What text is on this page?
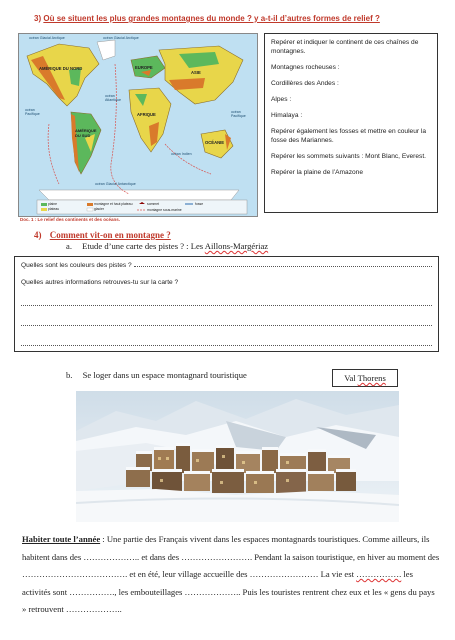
3) Où se situent les plus grandes montagnes du monde ? y a-t-il d’autres formes de relief ?
océan Glacial Arctique	océan Glacial Arctique
AMÉRIQUE DU NORD	EUROPE
ASIE
AFRIQUE
AMÉRIQUE DU SUD
OCÉANIE
océan Glacial Antarctique
océan Atlantique
océan Pacifique	océan Pacifique
océan Indien
plaine	montagne et haut plateau	sommet
montagne sous-marine
plateau	glacier
fosse
Doc. 1 : Le relief des continents et des océans.

Repérer et indiquer le continent de ces chaînes de montagnes.

Montagnes rocheuses :

Cordillères des Andes :

Alpes :

Himalaya :

Repérer également les fosses et mettre en couleur la fosse des Mariannes.

Repérer les sommets suivants : Mont Blanc, Everest.

Repérer la plaine de l’Amazone

4) Comment vit-on en montagne ?
a. Etude d’une carte des pistes ? : Les Aillons-Margériaz
Quelles sont les couleurs des pistes ?
Quelles autres informations retrouves-tu sur la carte ?
b. Se loger dans un espace montagnard touristique	Val Thorens
Habiter toute l’année : Une partie des Français vivent dans les espaces montagnards touristiques. Comme ailleurs, ils habitent dans des ……………….. et dans des ……………………. Pendant la saison touristique, en hiver au moment des ………………………………. et en été, leur village accueille des …………………… La vie est ……………. les activités sont ……………., les embouteillages ……………….. Puis les touristes rentrent chez eux et les « gens du pays » retrouvent ………………..
